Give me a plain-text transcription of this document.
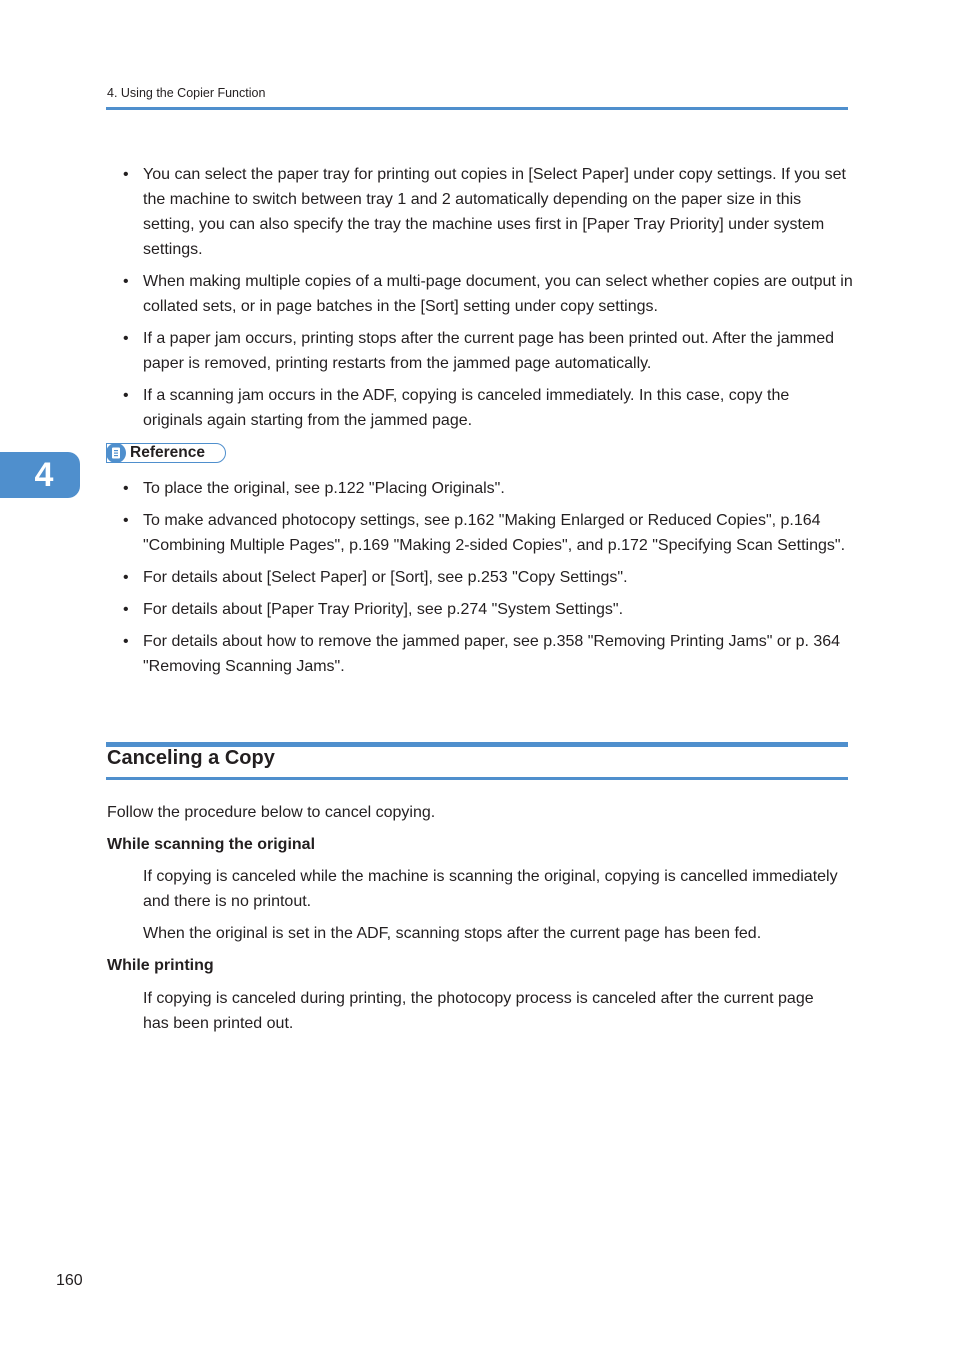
4. Using the Copier Function
4
• You can select the paper tray for printing out copies in [Select Paper] under copy settings. If you set the machine to switch between tray 1 and 2 automatically depending on the paper size in this setting, you can also specify the tray the machine uses first in [Paper Tray Priority] under system settings.
• When making multiple copies of a multi-page document, you can select whether copies are output in collated sets, or in page batches in the [Sort] setting under copy settings.
• If a paper jam occurs, printing stops after the current page has been printed out. After the jammed paper is removed, printing restarts from the jammed page automatically.
• If a scanning jam occurs in the ADF, copying is canceled immediately. In this case, copy the originals again starting from the jammed page.
Reference
• To place the original, see p.122 "Placing Originals".
• To make advanced photocopy settings, see p.162 "Making Enlarged or Reduced Copies", p.164 "Combining Multiple Pages", p.169 "Making 2-sided Copies", and p.172 "Specifying Scan Settings".
• For details about [Select Paper] or [Sort], see p.253 "Copy Settings".
• For details about [Paper Tray Priority], see p.274 "System Settings".
• For details about how to remove the jammed paper, see p.358 "Removing Printing Jams" or p. 364 "Removing Scanning Jams".
Canceling a Copy

Follow the procedure below to cancel copying.

While scanning the original

If copying is canceled while the machine is scanning the original, copying is cancelled immediately and there is no printout.

When the original is set in the ADF, scanning stops after the current page has been fed.

While printing

If copying is canceled during printing, the photocopy process is canceled after the current page has been printed out.

160
